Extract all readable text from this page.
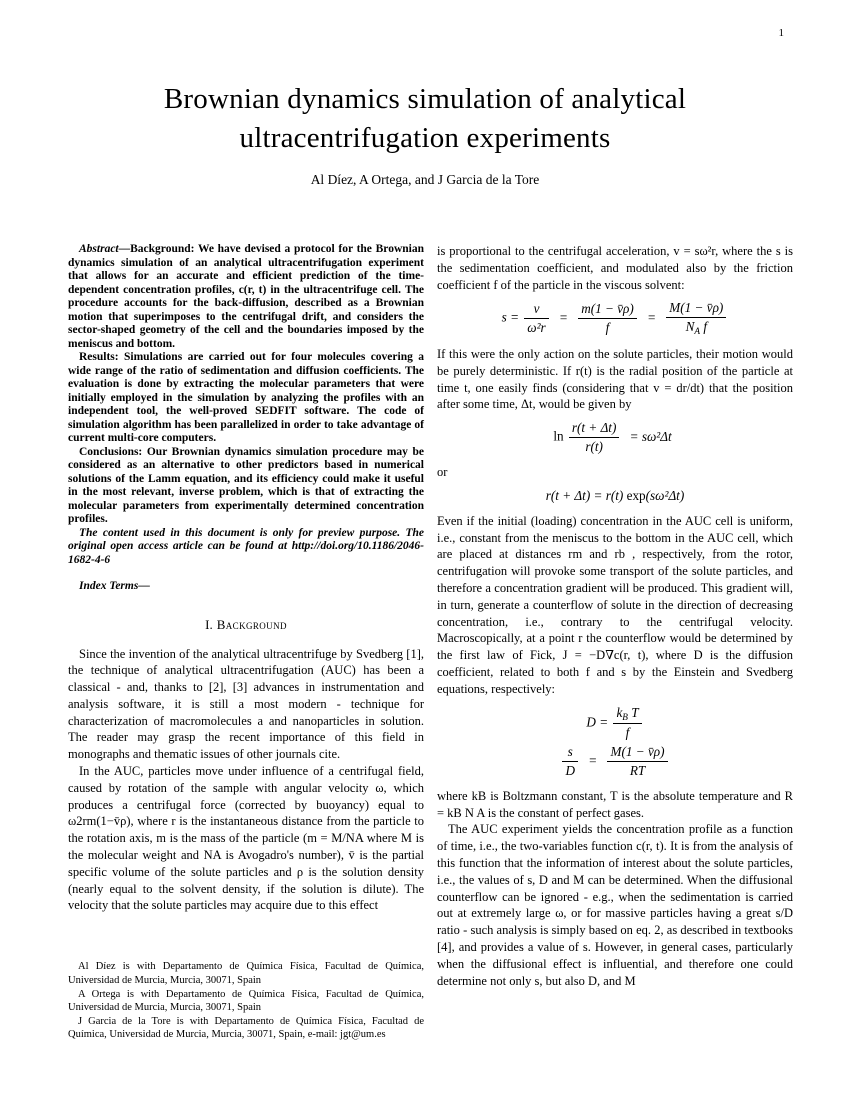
1
Brownian dynamics simulation of analytical
ultracentrifugation experiments
Al Díez, A Ortega, and J Garcia de la Tore

Abstract—Background: We have devised a protocol for the Brownian dynamics simulation of an analytical ultracentrifugation experiment that allows for an accurate and efficient prediction of the time-dependent concentration profiles, c(r, t) in the ultracentrifuge cell. The procedure accounts for the back-diffusion, described as a Brownian motion that superimposes to the centrifugal drift, and considers the sector-shaped geometry of the cell and the boundaries imposed by the meniscus and bottom.

Results: Simulations are carried out for four molecules covering a wide range of the ratio of sedimentation and diffusion coefficients. The evaluation is done by extracting the molecular parameters that were initially employed in the simulation by analyzing the profiles with an independent tool, the well-proved SEDFIT software. The code of simulation algorithm has been parallelized in order to take advantage of current multi-core computers.

Conclusions: Our Brownian dynamics simulation procedure may be considered as an alternative to other predictors based in numerical solutions of the Lamm equation, and its efficiency could make it useful in the most relevant, inverse problem, which is that of extracting the molecular parameters from experimentally determined concentration profiles.

The content used in this document is only for preview purpose. The original open access article can be found at http://doi.org/10.1186/2046-1682-4-6

Index Terms—

I. Background

Since the invention of the analytical ultracentrifuge by Svedberg [1], the technique of analytical ultracentrifugation (AUC) has been a classical - and, thanks to [2], [3] advances in instrumentation and analysis software, it is still a most modern - technique for characterization of macromolecules a and nanoparticles in solution. The reader may grasp the recent importance of this field in monographs and thematic issues of other journals cite.

In the AUC, particles move under influence of a centrifugal field, caused by rotation of the sample with angular velocity ω, which produces a centrifugal force (corrected by buoyancy) equal to ω2rm(1−v̄ρ), where r is the instantaneous distance from the particle to the rotation axis, m is the mass of the particle (m = M/NA where M is the molecular weight and NA is Avogadro's number), v̄ is the partial specific volume of the solute particles and ρ is the solution density (nearly equal to the solvent density, if the solution is dilute). The velocity that the solute particles may acquire due to this effect

Al Díez is with Departamento de Química Física, Facultad de Química, Universidad de Murcia, Murcia, 30071, Spain

A Ortega is with Departamento de Química Física, Facultad de Química, Universidad de Murcia, Murcia, 30071, Spain

J Garcia de la Tore is with Departamento de Química Física, Facultad de Química, Universidad de Murcia, Murcia, 30071, Spain, e-mail: jgt@um.es

is proportional to the centrifugal acceleration, v = sω²r, where the s is the sedimentation coefficient, and modulated also by the friction coefficient f of the particle in the viscous solvent:

$s = \frac{v}{\text{ω²r}} = \frac{m(1 - v̄\rho)}{f} = \frac{M(1 - v̄\rho)}{N_A f}$

If this were the only action on the solute particles, their motion would be purely deterministic. If r(t) is the radial position of the particle at time t, one easily finds (considering that v = dr/dt) that the position after some time, Δt, would be given by

$\ln \frac{r(t + \Delta t)}{r(t)} = s\omega^2\Delta t$

or

r(t + Δt) = r(t) exp(sω²Δt)

Even if the initial (loading) concentration in the AUC cell is uniform, i.e., constant from the meniscus to the bottom in the AUC cell, which are placed at distances rm and rb , respectively, from the rotor, centrifugation will provoke some transport of the solute particles, and therefore a concentration gradient will be produced. This gradient will, in turn, generate a counterflow of solute in the direction of decreasing concentration, i.e., contrary to the centrifugal velocity. Macroscopically, at a point r the counterflow would be determined by the first law of Fick, J = −D∇c(r, t), where D is the diffusion coefficient, related to both f and s by the Einstein and Svedberg equations, respectively:

$D = \frac{k_B T}{f}$
$\frac{s}{D} = \frac{M(1 - v̄\rho)}{RT}$

where kB is Boltzmann constant, T is the absolute temperature and R = kB N A is the constant of perfect gases.

The AUC experiment yields the concentration profile as a function of time, i.e., the two-variables function c(r, t). It is from the analysis of this function that the information of interest about the solute particles, i.e., the values of s, D and M can be determined. When the diffusional counterflow can be ignored - e.g., when the sedimentation is carried out at extremely large ω, or for massive particles having a great s/D ratio - such analysis is simply based on eq. 2, as described in textbooks [4], and provides a value of s. However, in general cases, particularly when the diffusional effect is influential, and therefore one could determine not only s, but also D, and M
